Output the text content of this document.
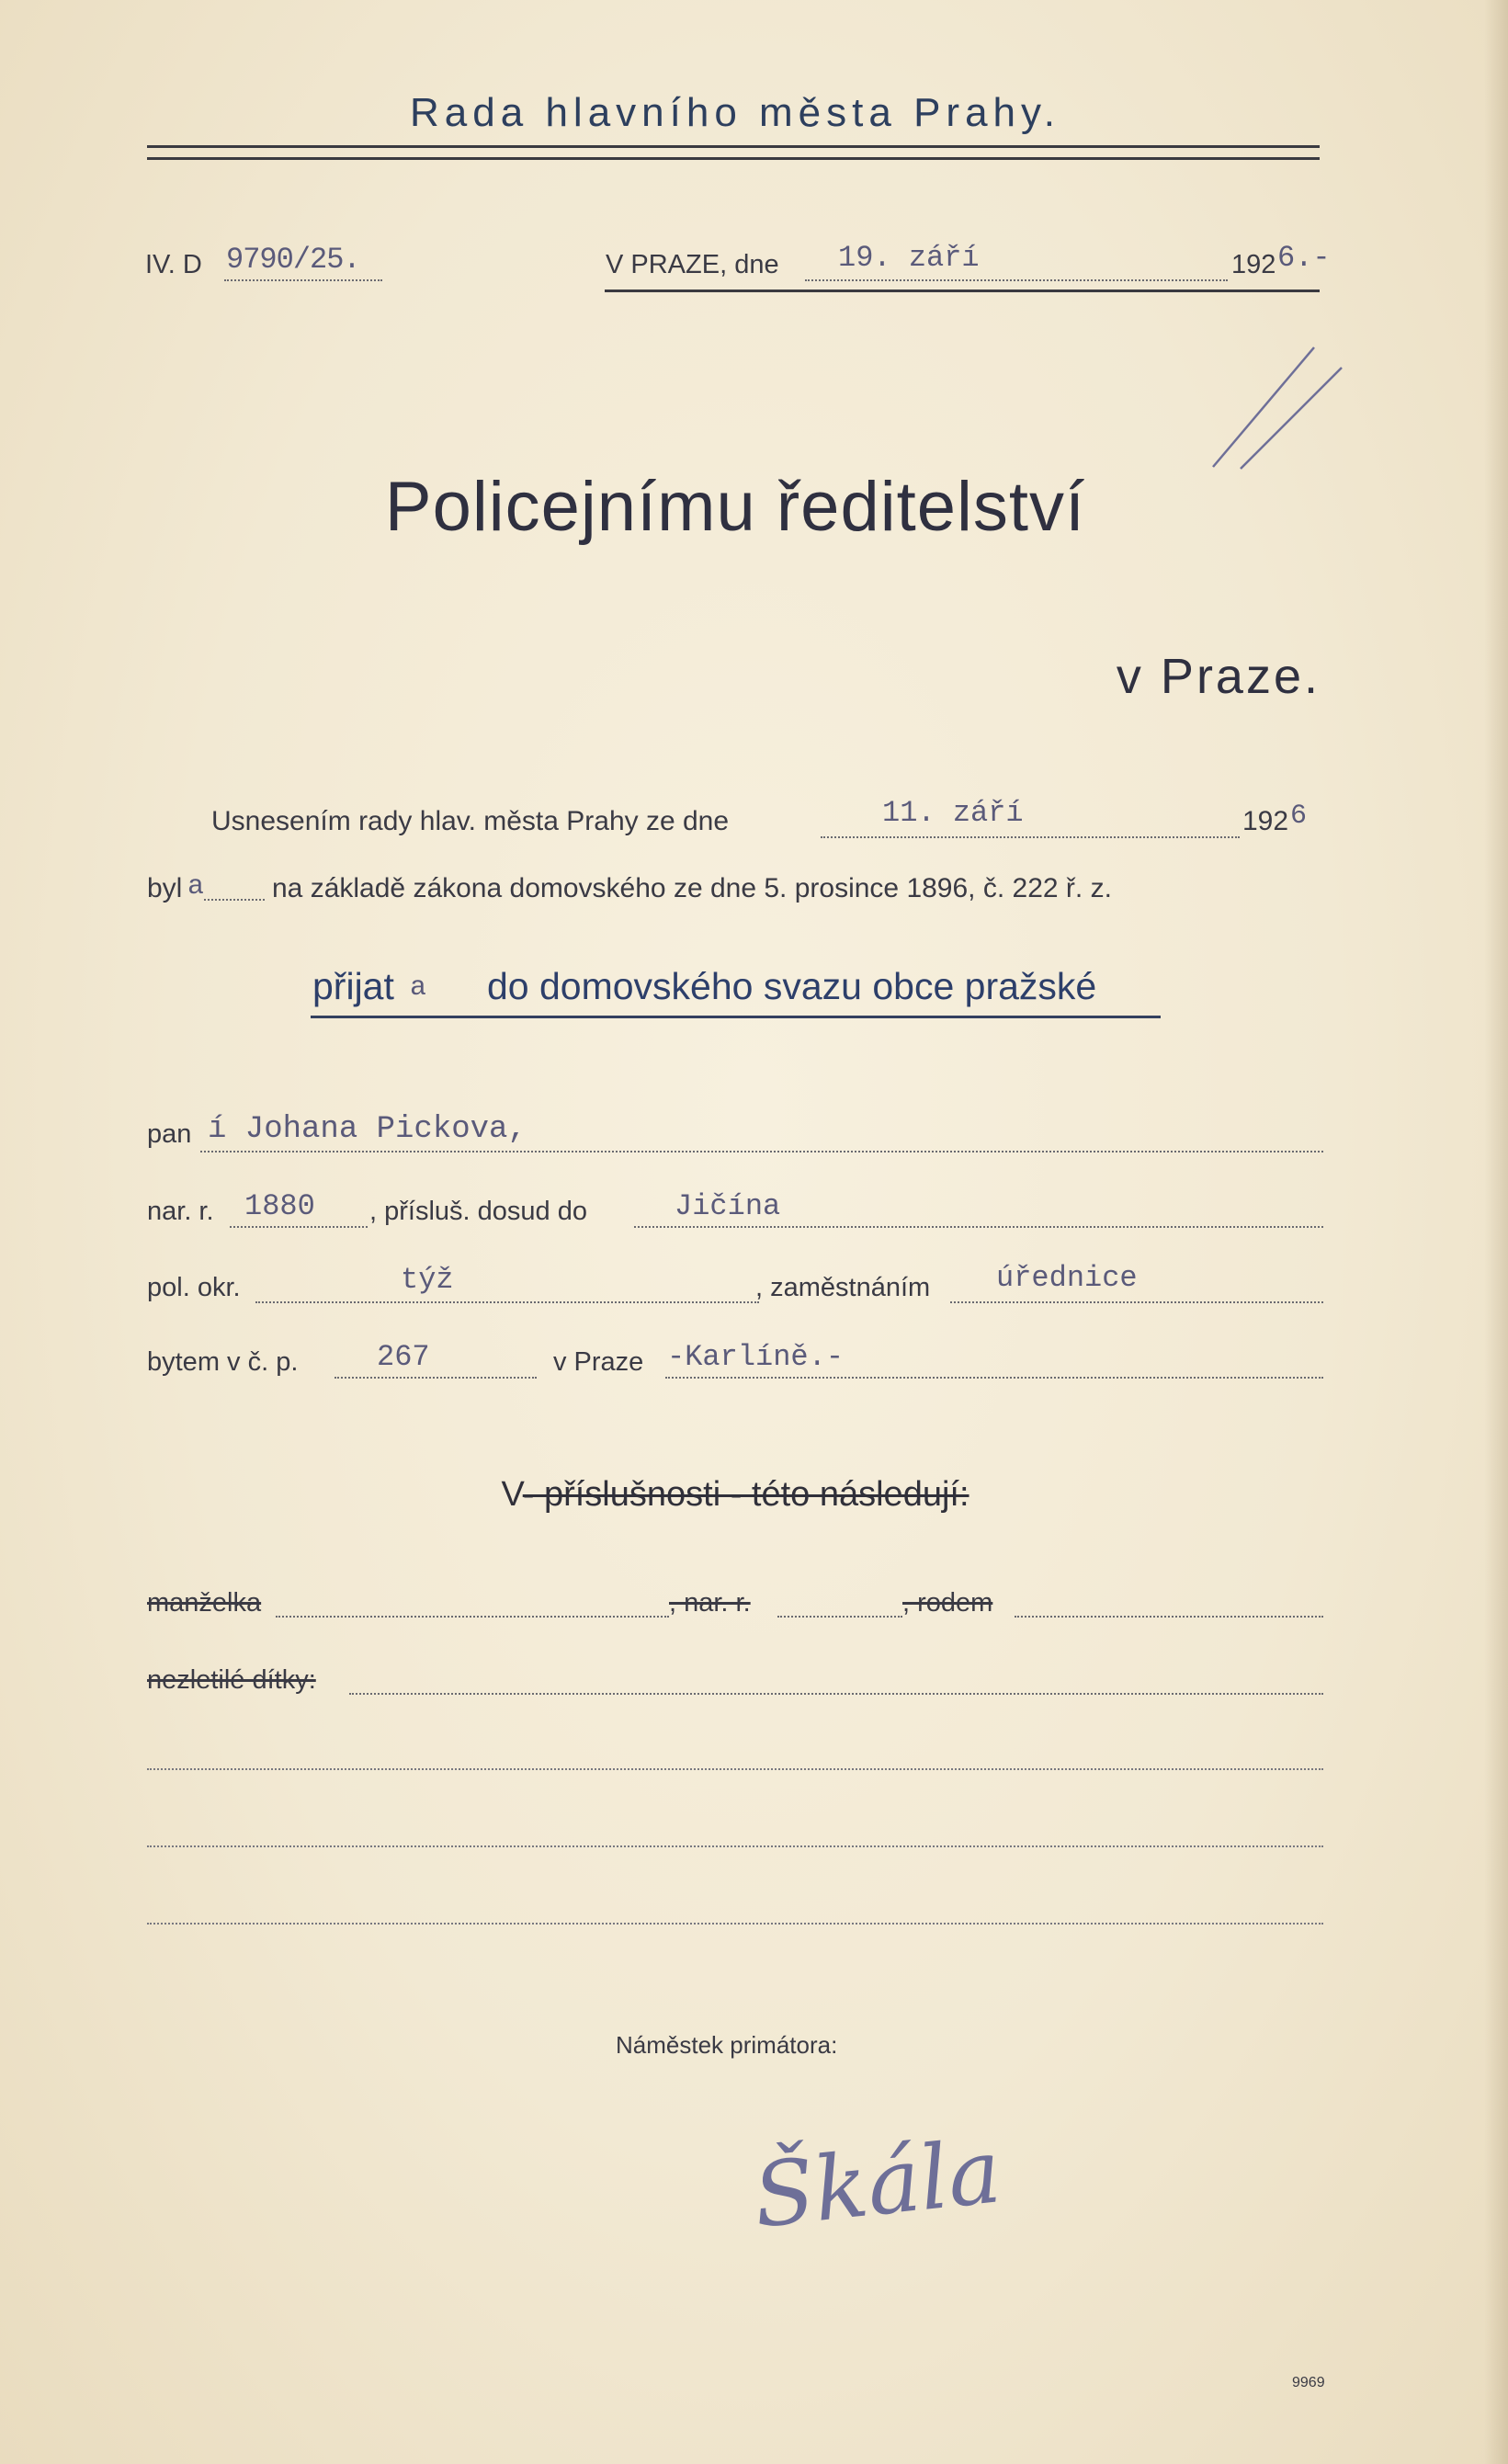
Rada hlavního města Prahy.
IV. D 9790/25.	V PRAZE, dne 19. září	192 6.-
Policejnímu ředitelství
v Praze.
Usnesením rady hlav. města Prahy ze dne	11. září	192 6
byl a na základě zákona domovského ze dne 5. prosince 1896, č. 222 ř. z.
přijat a do domovského svazu obce pražské
pan í Johana Pickova,
nar. r. 1880 , přísluš. dosud do	Jičína
pol. okr.	týž	, zaměstnáním úřednice
bytem v č. p.	267	v Praze -Karlíně.-
V- příslušnosti - této následují:
manželka	, nar. r.	, rodem
nezletilé dítky:
Náměstek primátora:
Škála
9969
